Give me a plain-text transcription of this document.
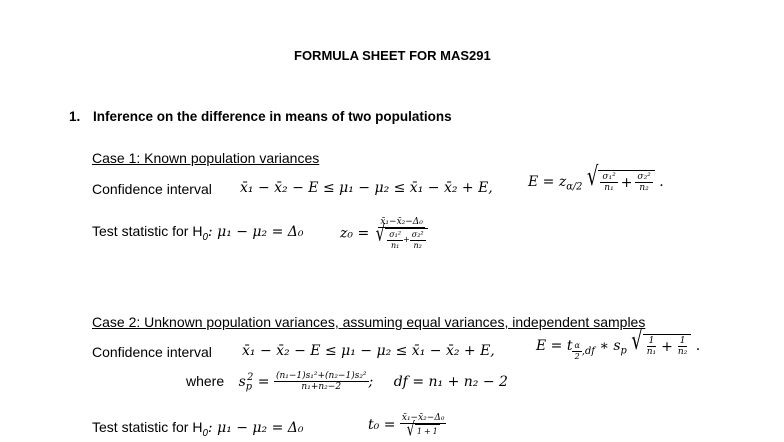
FORMULA SHEET FOR MAS291
1. Inference on the difference in means of two populations
Case 1: Known population variances
Confidence interval x̄₁ − x̄₂ − E ≤ μ₁ − μ₂ ≤ x̄₁ − x̄₂ + E,	$E = z_{\alpha/2}$ √ $\frac{\text{σ₁²}}{\text{n₁}} + \frac{\text{σ₂²}}{\text{n₂}}$ .
Test statistic for $H_0$: μ₁ − μ₂ = Δ₀	$z_0 = \frac{\text{x̄₁−x̄₂−Δ₀}}{√ \frac{\text{σ₁²}}{\text{n₁}} + \frac{\text{σ₂²}}{\text{n₂}}}$
Case 2: Unknown population variances, assuming equal variances, independent samples
Confidence interval x̄₁ − x̄₂ − E ≤ μ₁ − μ₂ ≤ x̄₁ − x̄₂ + E,	E = t $_{\frac{\alpha}{2} ,df}$ ∗ $s_p$ √ $\frac{1}{\text{n₁}} + \frac{1}{\text{n₂}}$ .
where $s_p^2 = \frac{\text{(n₁−1)s₁²+(n₂−1)s₂²}}{\text{n₁+n₂−2}}$ ; df = n₁ + n₂ − 2
Test statistic for $H_0$: μ₁ − μ₂ = Δ₀	$t_0 = \frac{\text{x̄₁−x̄₂−Δ₀}}{√ 1 + 1}$
